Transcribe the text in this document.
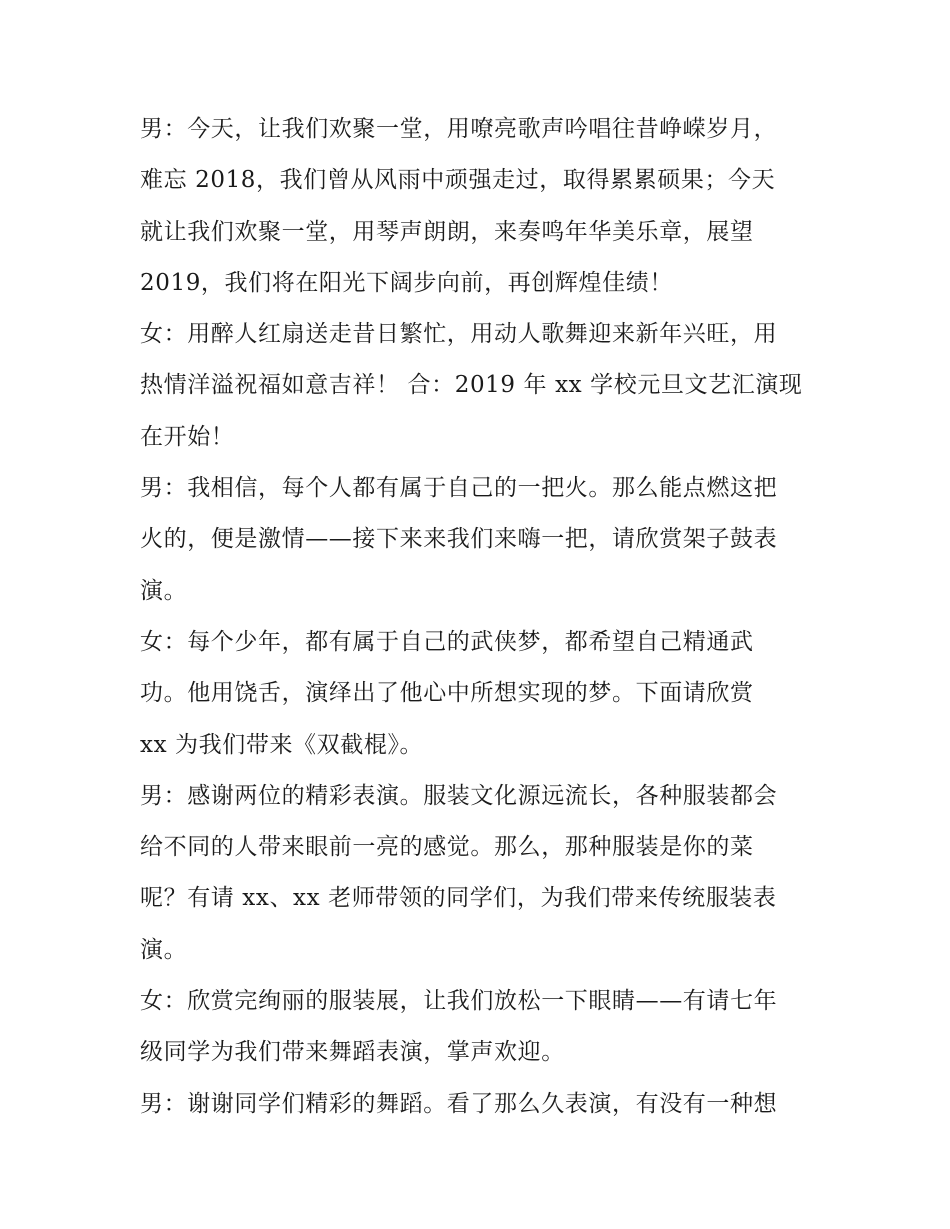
男：今天，让我们欢聚一堂，用嘹亮歌声吟唱往昔峥嵘岁月，
难忘 2018，我们曾从风雨中顽强走过，取得累累硕果；今天
就让我们欢聚一堂，用琴声朗朗，来奏鸣年华美乐章，展望
2019，我们将在阳光下阔步向前，再创辉煌佳绩！
女：用醉人红扇送走昔日繁忙，用动人歌舞迎来新年兴旺，用
热情洋溢祝福如意吉祥！ 合：2019 年 xx 学校元旦文艺汇演现
在开始！
男：我相信，每个人都有属于自己的一把火。那么能点燃这把
火的，便是激情——接下来来我们来嗨一把，请欣赏架子鼓表
演。
女：每个少年，都有属于自己的武侠梦，都希望自己精通武
功。他用饶舌，演绎出了他心中所想实现的梦。下面请欣赏
xx 为我们带来《双截棍》。
男：感谢两位的精彩表演。服装文化源远流长，各种服装都会
给不同的人带来眼前一亮的感觉。那么，那种服装是你的菜
呢？有请 xx、xx 老师带领的同学们，为我们带来传统服装表
演。
女：欣赏完绚丽的服装展，让我们放松一下眼睛——有请七年
级同学为我们带来舞蹈表演，掌声欢迎。
男：谢谢同学们精彩的舞蹈。看了那么久表演，有没有一种想
